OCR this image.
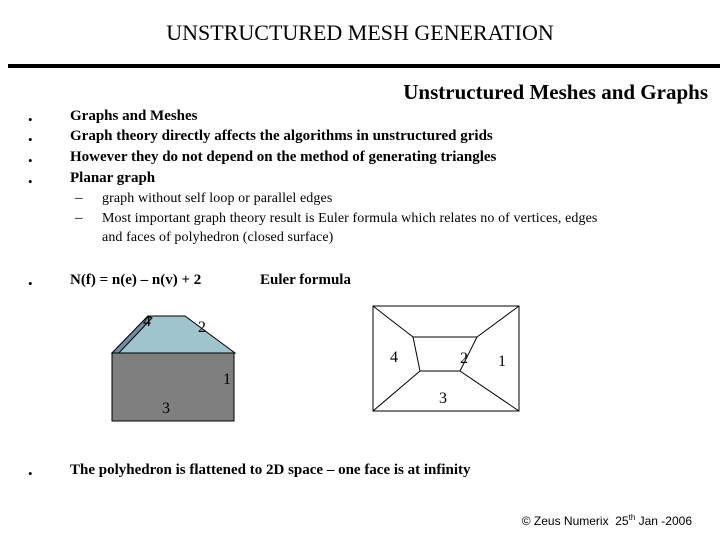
UNSTRUCTURED MESH GENERATION
Unstructured Meshes and Graphs
• Graphs and Meshes
• Graph theory directly affects the algorithms in unstructured grids
• However they do not depend on the method of generating triangles
• Planar graph
– graph without self loop or parallel edges
– Most important graph theory result is Euler formula which relates no of vertices, edges
and faces of polyhedron (closed surface)
• N(f) = n(e) – n(v) + 2	Euler formula
4	2
1
3
4	2 1
3
• The polyhedron is flattened to 2D space – one face is at infinity
© Zeus Numerix 25th Jan -2006
